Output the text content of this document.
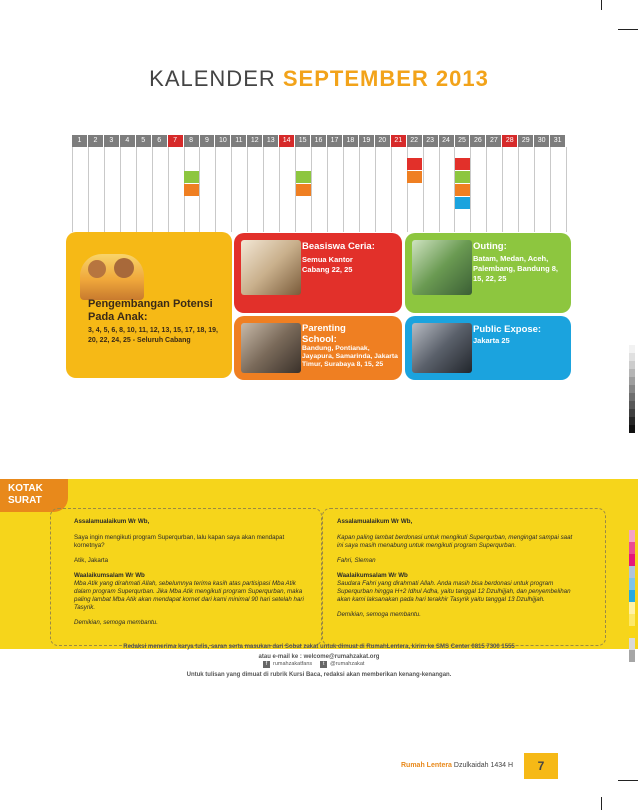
KALENDER SEPTEMBER 2013
1	2	3	4	5	6	7	8	9	10	11	12	13	14	15	16	17	18	19	20	21	22	23	24	25	26	27	28	29	30	31
Pengembangan Potensi Pada Anak:
3, 4, 5, 6, 8, 10, 11, 12, 13, 15, 17, 18, 19, 20, 22, 24, 25 - Seluruh Cabang
Beasiswa Ceria:
Semua Kantor Cabang 22, 25
Outing:
Batam, Medan, Aceh, Palembang, Bandung 8, 15, 22, 25
Parenting School:
Bandung, Pontianak, Jayapura, Samarinda, Jakarta Timur, Surabaya 8, 15, 25
Public Expose:
Jakarta 25
KOTAK
SURAT

Assalamualaikum Wr Wb,

Saya ingin mengikuti program Superqurban, lalu kapan saya akan mendapat kornetnya?

Atik, Jakarta

Waalaikumsalam Wr Wb

Mba Atik yang dirahmati Allah, sebelumnya terima kasih atas partisipasi Mba Atik dalam program Superqurban. Jika Mba Atik mengikuti program Superqurban, maka paling lambat Mba Atik akan mendapat kornet dari kami minimal 90 hari setelah hari Tasyrik.

Demikian, semoga membantu.

Assalamualaikum Wr Wb,

Kapan paling lambat berdonasi untuk mengikuti Superqurban, mengingat sampai saat ini saya masih menabung untuk mengikuti program Superqurban.

Fahri, Sleman

Waalaikumsalam Wr Wb

Saudara Fahri yang dirahmati Allah. Anda masih bisa berdonasi untuk program Superqurban hingga H+2 Idhul Adha, yaitu tanggal 12 Dzulhijjah, dan penyembelihan akan kami laksanakan pada hari terakhir Tasyrik yaitu tanggal 13 Dzulhijjah.

Demikian, semoga membantu.

Redaksi menerima karya tulis, saran serta masukan dari Sobat zakat untuk dimuat di RumahLentera, kirim ke SMS Center 0815 7300 1555
atau e-mail ke : welcome@rumahzakat.org
f rumahzakatfans	t @rumahzakat
Untuk tulisan yang dimuat di rubrik Kursi Baca, redaksi akan memberikan kenang-kenangan.
Rumah Lentera Dzulkaidah 1434 H	7
